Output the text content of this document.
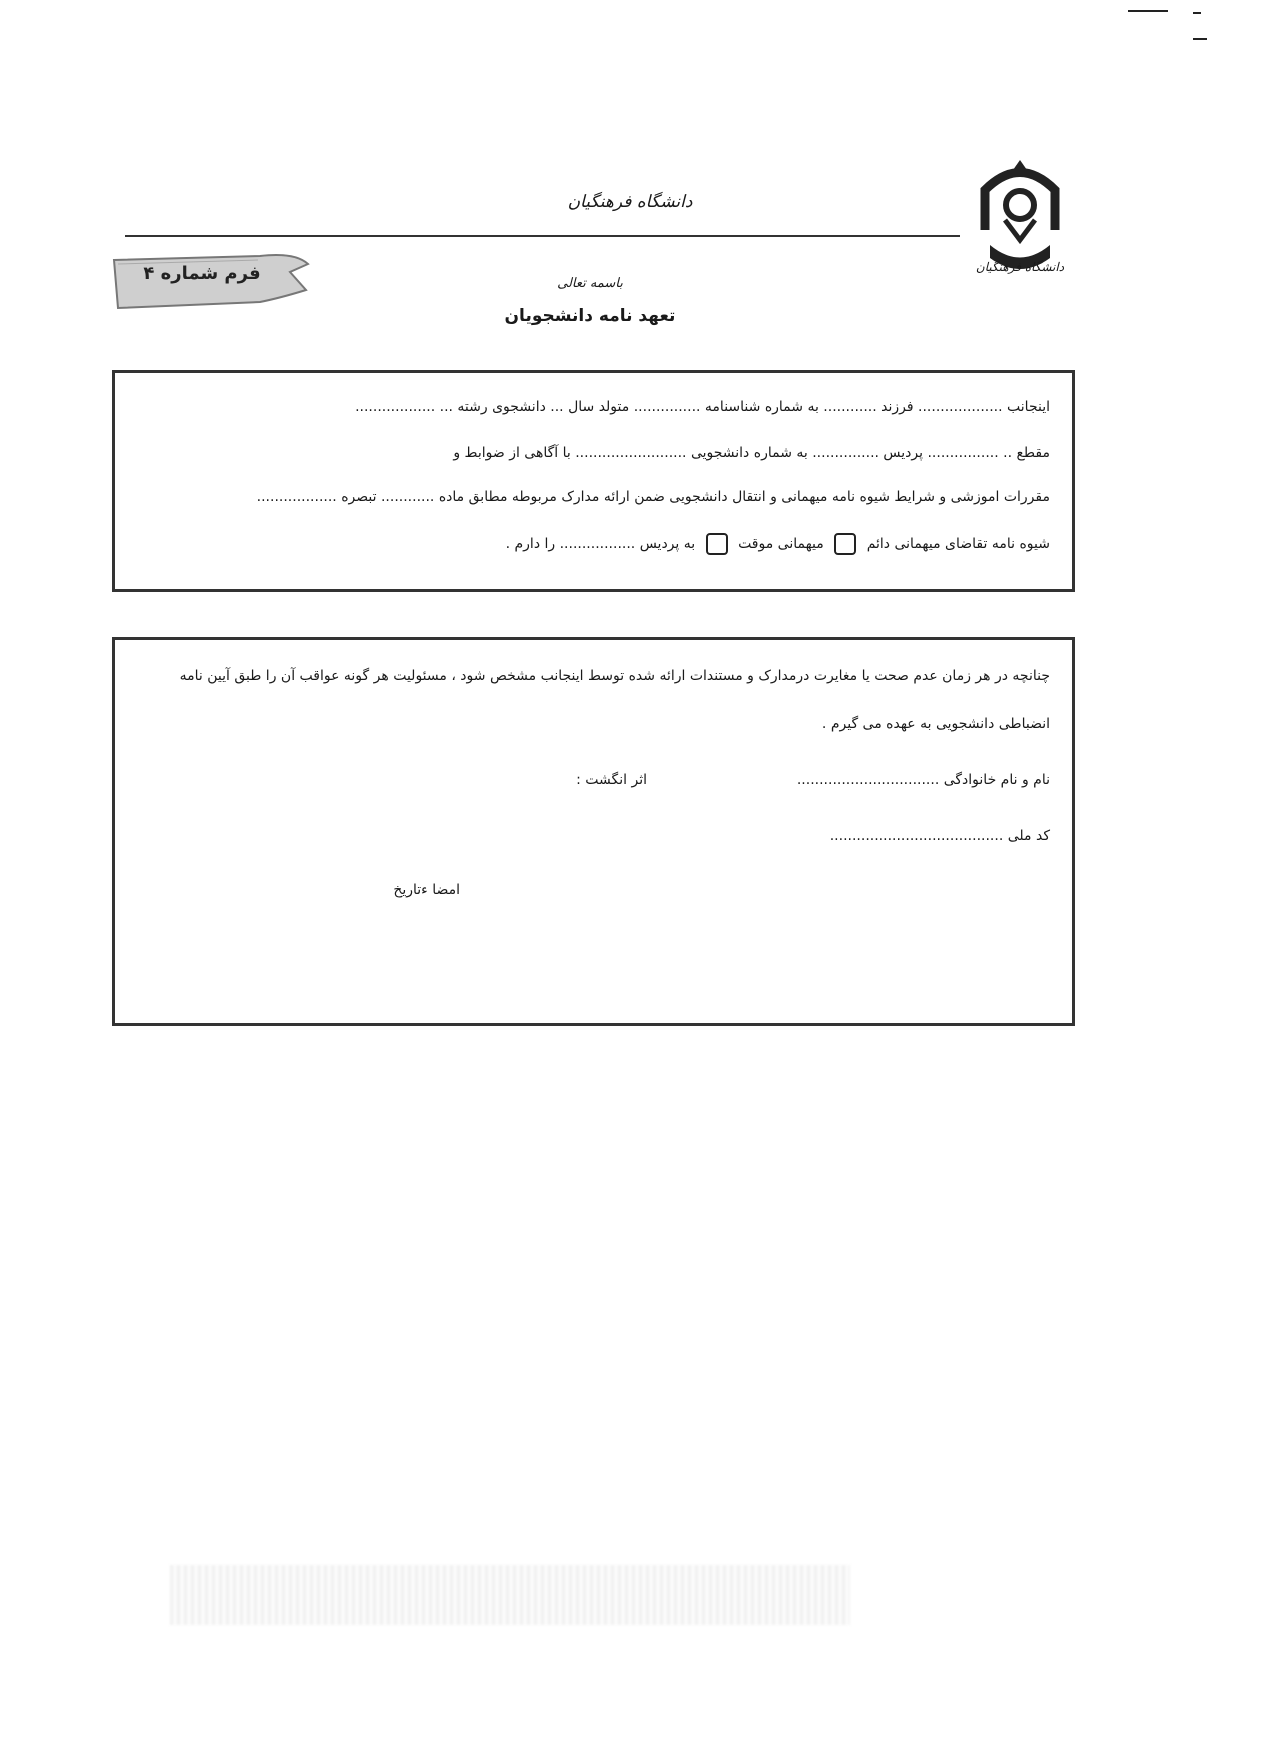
دانشگاه فرهنگیان
دانشگاه فرهنگیان
فرم شماره ۴	باسمه تعالی
تعهد نامه دانشجویان
اینجانب ................... فرزند ............ به شماره شناسنامه ............... متولد سال ... دانشجوی رشته ... ..................
مقطع .. ................ پردیس ............... به شماره دانشجویی ......................... با آگاهی از ضوابط و
مقررات اموزشی و شرایط شیوه نامه میهمانی و انتقال دانشجویی ضمن ارائه مدارک مربوطه مطابق ماده ............ تبصره ..................
شیوه نامه تقاضای میهمانی دائم  میهمانی موقت  به پردیس ................. را دارم .
چنانچه در هر زمان عدم صحت یا مغایرت درمدارک و مستندات ارائه شده توسط اینجانب مشخص شود ، مسئولیت هر گونه عواقب آن را طبق آیین نامه
انضباطی دانشجویی به عهده می گیرم .
نام و نام خانوادگی ................................
اثر انگشت :
کد ملی .......................................
امضا ءتاریخ
